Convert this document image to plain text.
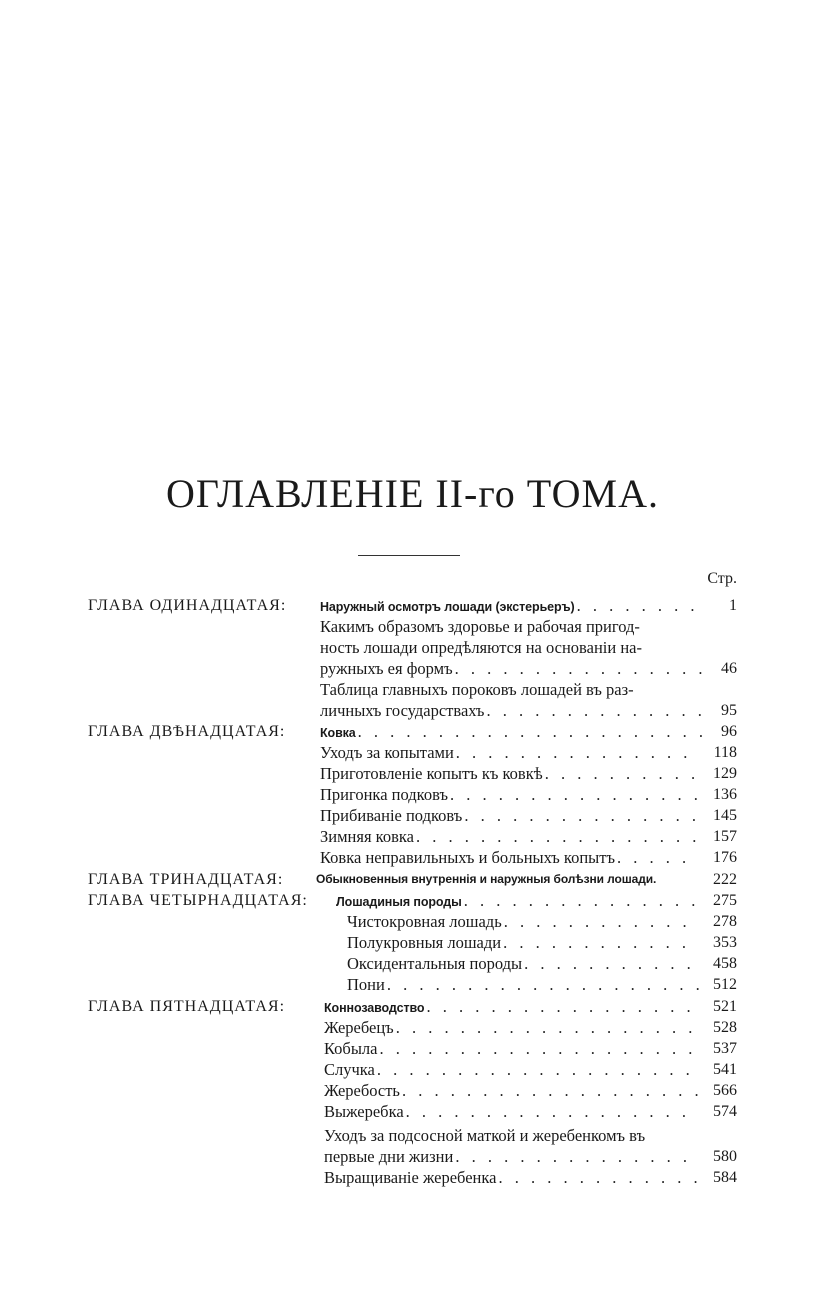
ОГЛАВЛЕНІЕ II-го ТОМА.
Стр.
ГЛАВА ОДИНАДЦАТАЯ:	Наружный осмотръ лошади (экстерьеръ) . . .	1
Какимъ образомъ здоровье и рабочая пригод-
ность лошади опредѣляются на основаніи на-
ружныхъ ея формъ . . .	46
Таблица главныхъ пороковъ лошадей въ раз-
личныхъ государствахъ . . .	95
ГЛАВА ДВѢНАДЦАТАЯ:	Ковка . . .	96
Уходъ за копытами . . .	118
Приготовленіе копытъ къ ковкѣ . . .	129
Пригонка подковъ . . .	136
Прибиваніе подковъ . . .	145
Зимняя ковка . . .	157
Ковка неправильныхъ и больныхъ копытъ . . .	176
ГЛАВА ТРИНАДЦАТАЯ:	Обыкновенныя внутреннія и наружныя болѣзни лошади.	222
ГЛАВА ЧЕТЫРНАДЦАТАЯ: Лошадиныя породы . . .	275
Чистокровная лошадь . . .	278
Полукровныя лошади . . .	353
Оксидентальныя породы . . .	458
Пони . . .	512
ГЛАВА ПЯТНАДЦАТАЯ:	Коннозаводство . . .	521
Жеребецъ . . .	528
Кобыла . . .	537
Случка . . .	541
Жеребость . . .	566
Выжеребка . . .	574
Уходъ за подсосной маткой и жеребенкомъ въ
первые дни жизни . . .	580
Выращиваніе жеребенка . . .	584
